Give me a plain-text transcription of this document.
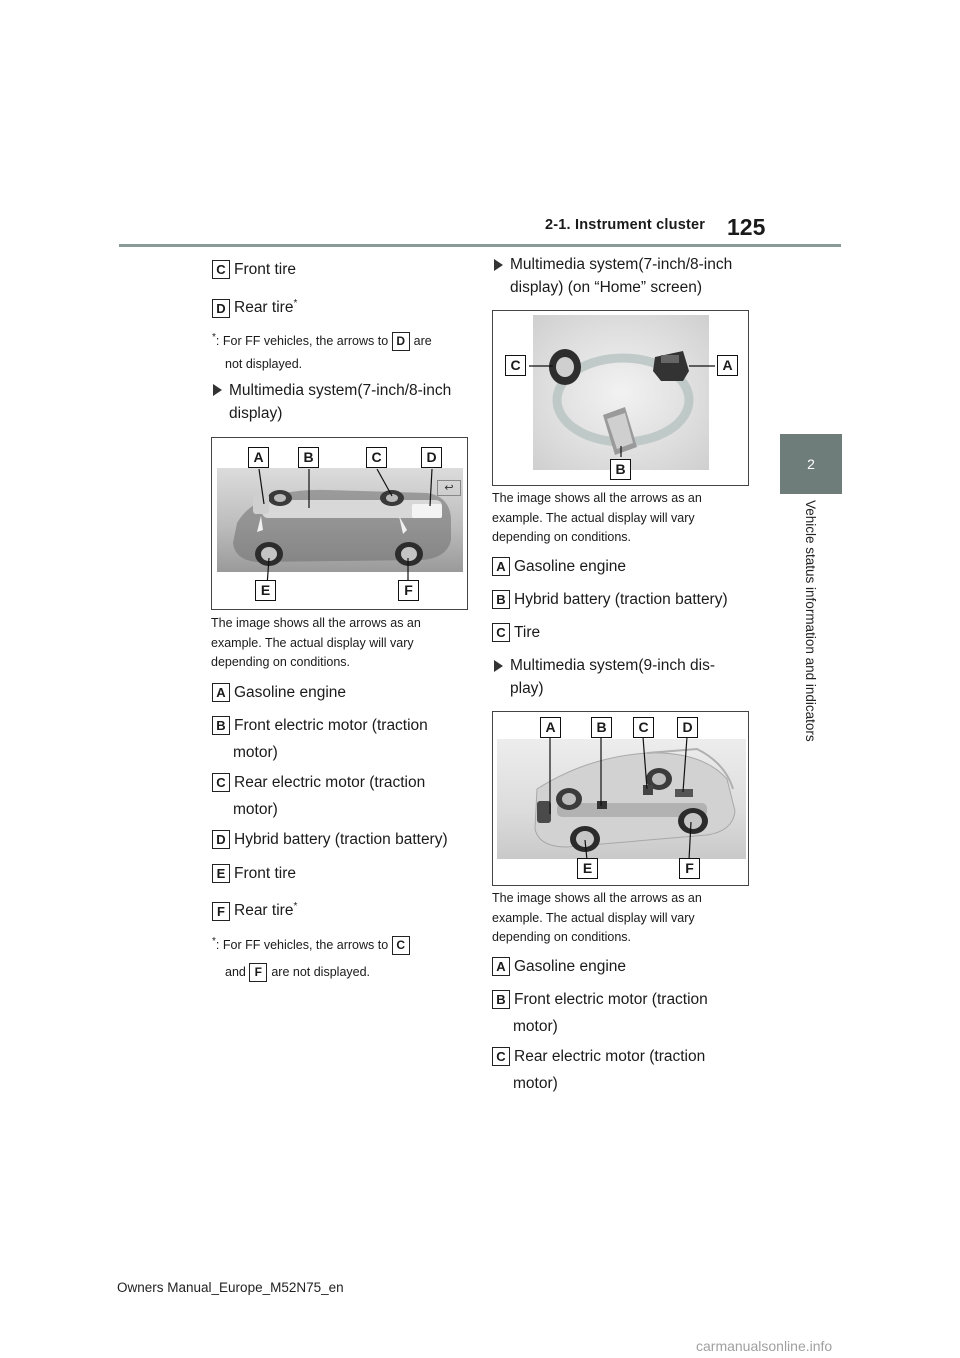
2-1. Instrument cluster 125
2
Vehicle status information and indicators
C Front tire
D Rear tire*
*: For FF vehicles, the arrows to D are
not displayed.
Multimedia system(7-inch/8-inch
display)
↩
A	B	C	D
E	F
The image shows all the arrows as an
example. The actual display will vary
depending on conditions.
A Gasoline engine
B Front electric motor (traction
motor)
C Rear electric motor (traction
motor)
D Hybrid battery (traction battery)
E Front tire
F Rear tire*
*: For FF vehicles, the arrows to C
and F are not displayed.
Multimedia system(7-inch/8-inch
display) (on “Home” screen)
C	A
B
The image shows all the arrows as an
example. The actual display will vary
depending on conditions.
A Gasoline engine
B Hybrid battery (traction battery)
C Tire
Multimedia system(9-inch dis-
play)
A	B	C	D
E	F
The image shows all the arrows as an
example. The actual display will vary
depending on conditions.
A Gasoline engine
B Front electric motor (traction
motor)
C Rear electric motor (traction
motor)
Owners Manual_Europe_M52N75_en
carmanualsonline.info
